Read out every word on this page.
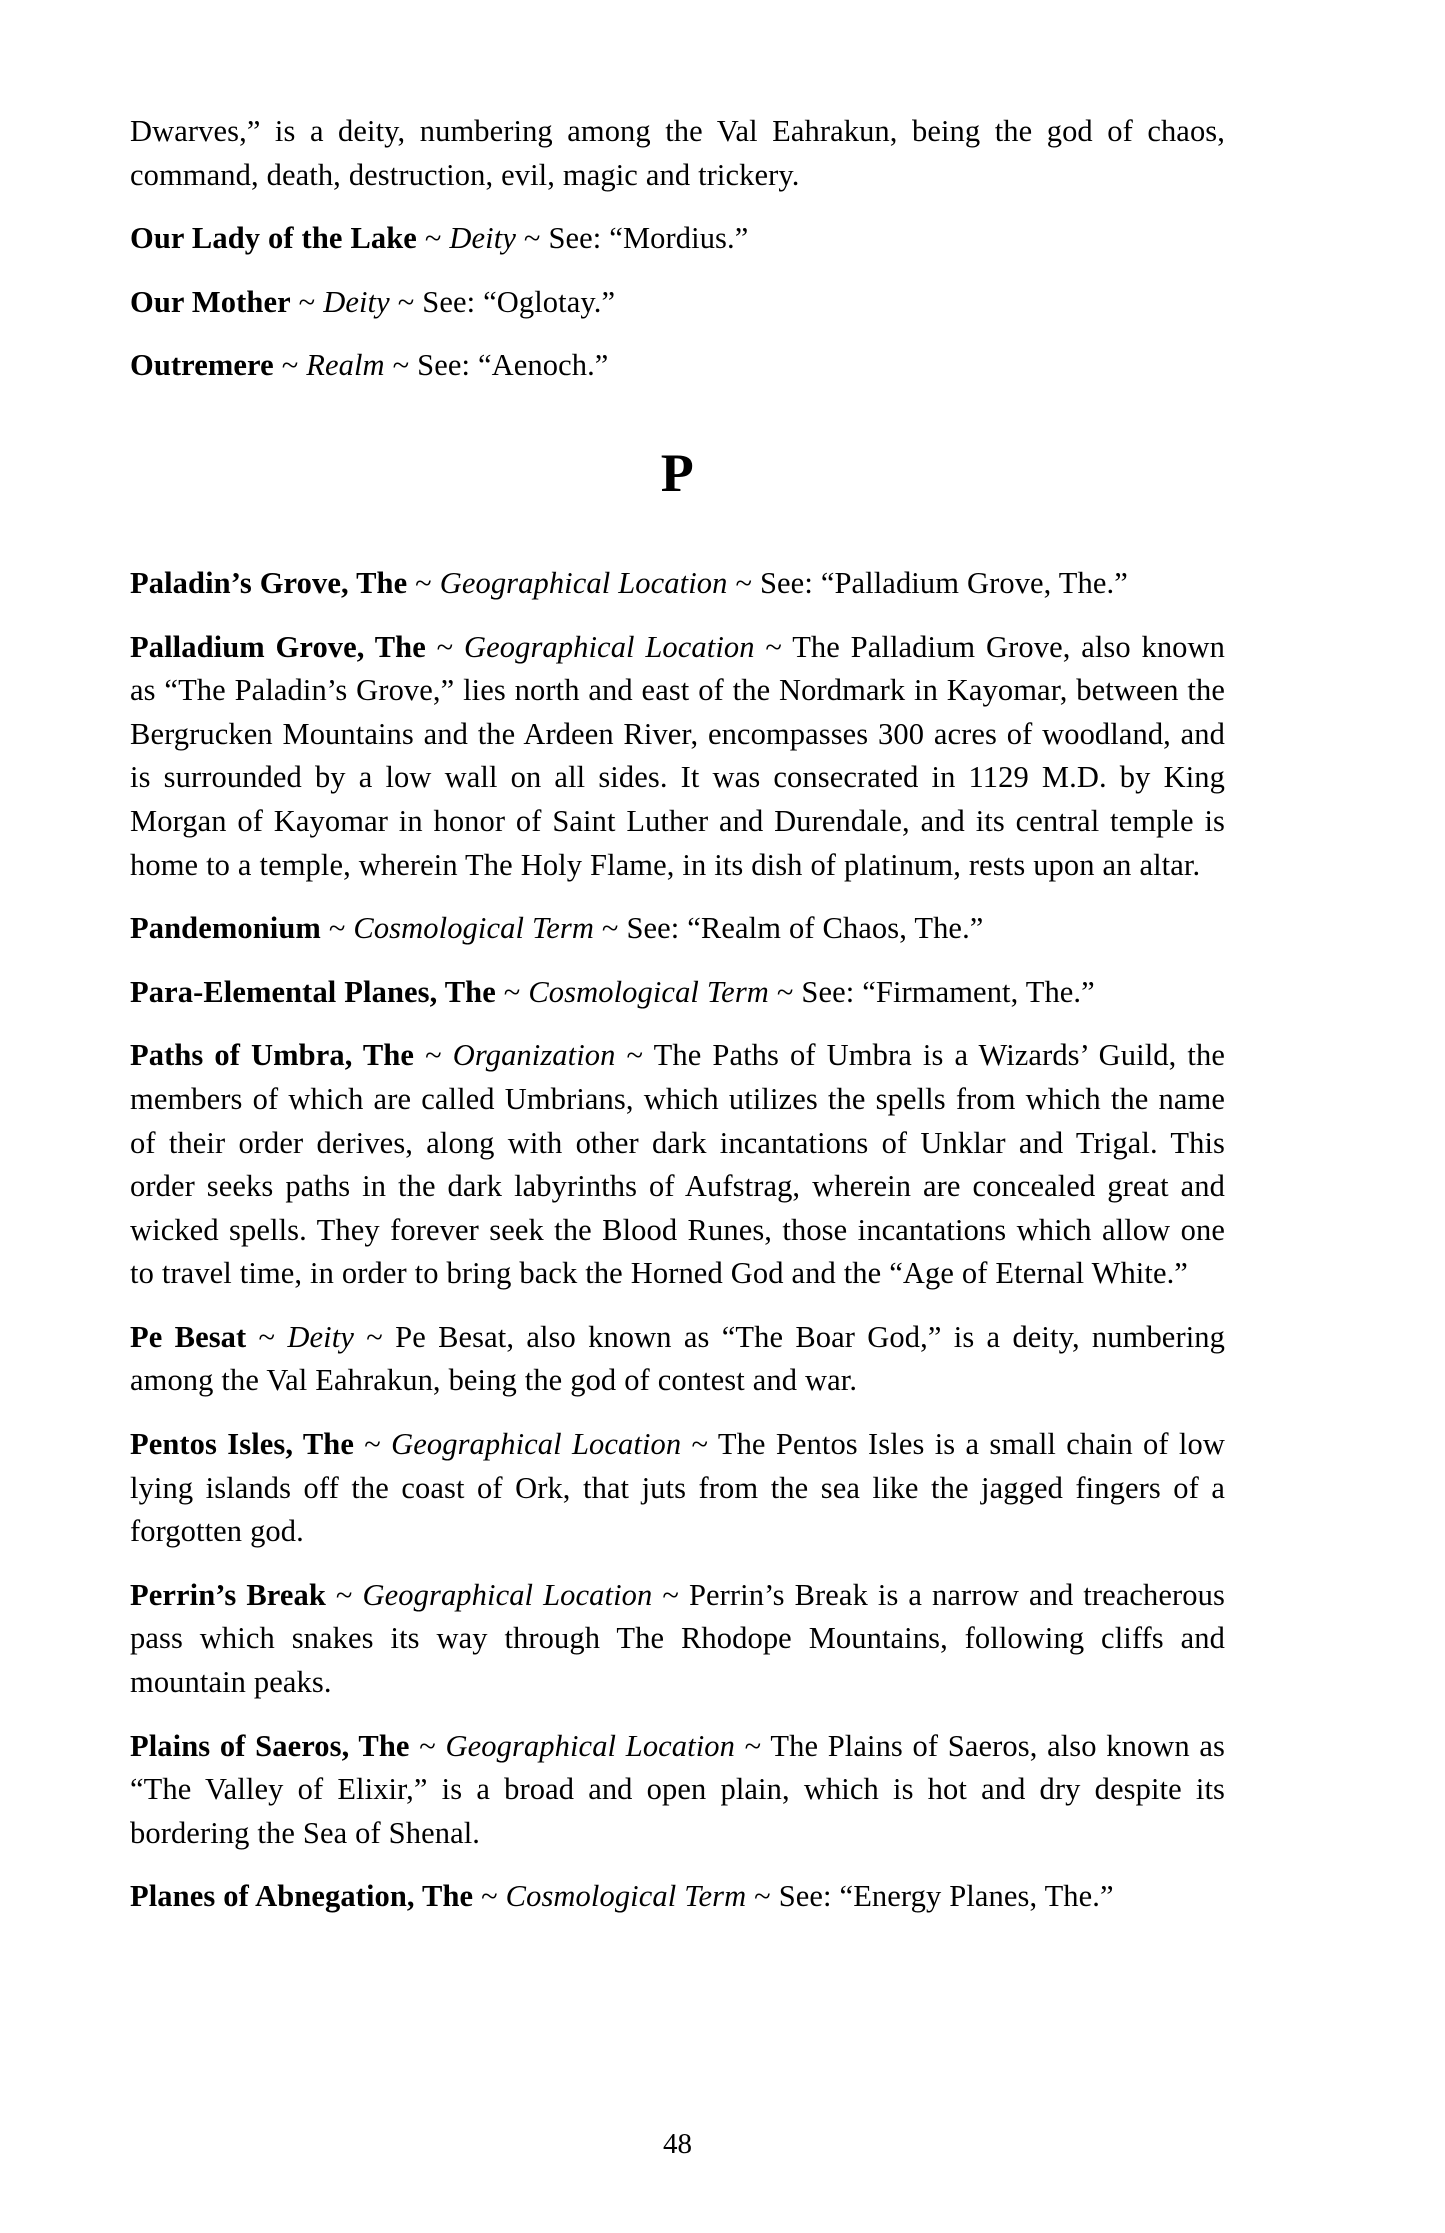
Dwarves,” is a deity, numbering among the Val Eahrakun, being the god of chaos, command, death, destruction, evil, magic and trickery.

Our Lady of the Lake ~ Deity ~ See: “Mordius.”

Our Mother ~ Deity ~ See: “Oglotay.”

Outremere ~ Realm ~ See: “Aenoch.”

P

Paladin’s Grove, The ~ Geographical Location ~ See: “Palladium Grove, The.”

Palladium Grove, The ~ Geographical Location ~ The Palladium Grove, also known as “The Paladin’s Grove,” lies north and east of the Nordmark in Kayomar, between the Bergrucken Mountains and the Ardeen River, encompasses 300 acres of woodland, and is surrounded by a low wall on all sides. It was consecrated in 1129 M.D. by King Morgan of Kayomar in honor of Saint Luther and Durendale, and its central temple is home to a temple, wherein The Holy Flame, in its dish of platinum, rests upon an altar.

Pandemonium ~ Cosmological Term ~ See: “Realm of Chaos, The.”

Para-Elemental Planes, The ~ Cosmological Term ~ See: “Firmament, The.”

Paths of Umbra, The ~ Organization ~ The Paths of Umbra is a Wizards’ Guild, the members of which are called Umbrians, which utilizes the spells from which the name of their order derives, along with other dark incantations of Unklar and Trigal. This order seeks paths in the dark labyrinths of Aufstrag, wherein are concealed great and wicked spells. They forever seek the Blood Runes, those incantations which allow one to travel time, in order to bring back the Horned God and the “Age of Eternal White.”

Pe Besat ~ Deity ~ Pe Besat, also known as “The Boar God,” is a deity, numbering among the Val Eahrakun, being the god of contest and war.

Pentos Isles, The ~ Geographical Location ~ The Pentos Isles is a small chain of low lying islands off the coast of Ork, that juts from the sea like the jagged fingers of a forgotten god.

Perrin’s Break ~ Geographical Location ~ Perrin’s Break is a narrow and treacherous pass which snakes its way through The Rhodope Mountains, following cliffs and mountain peaks.

Plains of Saeros, The ~ Geographical Location ~ The Plains of Saeros, also known as “The Valley of Elixir,” is a broad and open plain, which is hot and dry despite its bordering the Sea of Shenal.

Planes of Abnegation, The ~ Cosmological Term ~ See: “Energy Planes, The.”

48
